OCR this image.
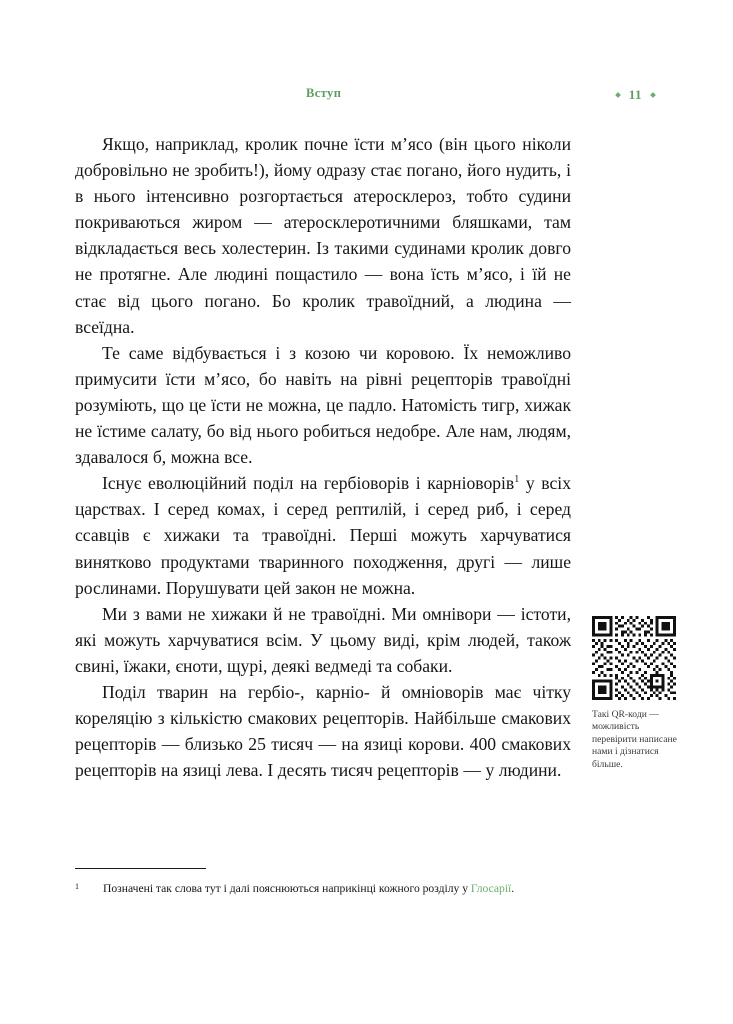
Вступ	11

Якщо, наприклад, кролик почне їсти м’ясо (він цього ніколи добровільно не зробить!), йому одразу стає погано, його нудить, і в нього інтенсивно розгортається атеросклероз, тобто судини покриваються жиром — атеросклеротичними бляшками, там відкладається весь холестерин. Із такими судинами кролик довго не протягне. Але людині пощастило — вона їсть м’ясо, і їй не стає від цього погано. Бо кролик травоїдний, а людина — всеїдна.

Те саме відбувається і з козою чи коровою. Їх неможливо примусити їсти м’ясо, бо навіть на рівні рецепторів травоїдні розуміють, що це їсти не можна, це падло. Натомість тигр, хижак не їстиме салату, бо від нього робиться недобре. Але нам, людям, здавалося б, можна все.

Існує еволюційний поділ на гербіоворів і карніоворів$^1$ у всіх царствах. І серед комах, і серед рептилій, і серед риб, і серед ссавців є хижаки та травоїдні. Перші можуть харчуватися винятково продуктами тваринного походження, другі — лише рослинами. Порушувати цей закон не можна.

Ми з вами не хижаки й не травоїдні. Ми омнівори — істоти, які можуть харчуватися всім. У цьому виді, крім людей, також свині, їжаки, єноти, щурі, деякі ведмеді та собаки.

Поділ тварин на гербіо-, карніо- й омніоворів має чітку кореляцію з кількістю смакових рецепторів. Найбільше смакових рецепторів — близько 25 тисяч — на язиці корови. 400 смакових рецепторів на язиці лева. І десять тисяч рецепторів — у людини.

Такі QR-коди — можливість перевірити написане нами і дізнатися більше.
1 Позначені так слова тут і далі пояснюються наприкінці кожного розділу у Глосарії.
